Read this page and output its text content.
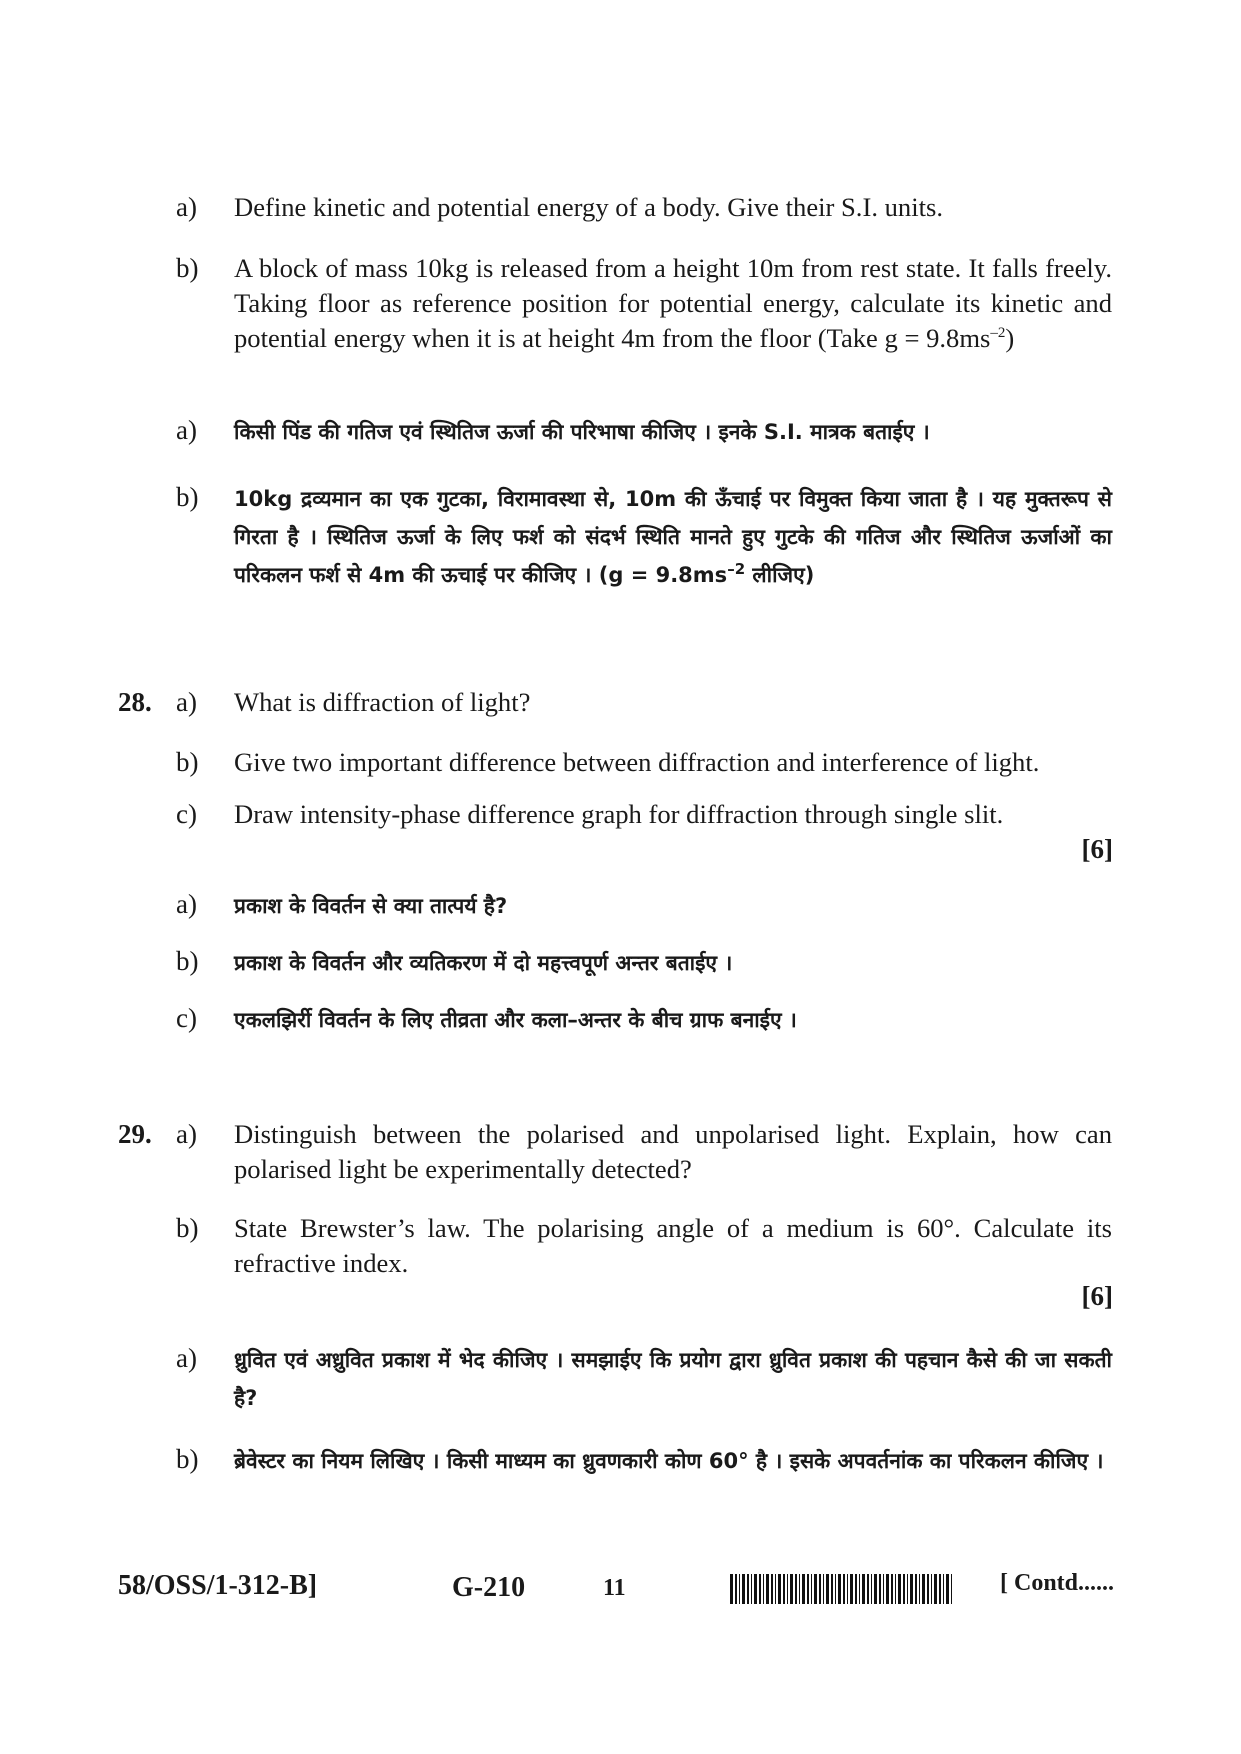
a)	Define kinetic and potential energy of a body. Give their S.I. units.
b) A block of mass 10kg is released from a height 10m from rest state. It falls freely. Taking floor as reference position for potential energy, calculate its kinetic and potential energy when it is at height 4m from the floor (Take $g = 9.8ms^{-2}$)
a)	किसी पिंड की गतिज एवं स्थितिज ऊर्जा की परिभाषा कीजिए । इनके S.I. मात्रक बताईए ।
b)	10kg द्रव्यमान का एक गुटका, विरामावस्था से, 10m की ऊँचाई पर विमुक्त किया जाता है । यह मुक्तरूप से गिरता है । स्थितिज ऊर्जा के लिए फर्श को संदर्भ स्थिति मानते हुए गुटके की गतिज और स्थितिज ऊर्जाओं का परिकलन फर्श से 4m की ऊचाई पर कीजिए । ($g = 9.8ms^{-2}$ लीजिए)
28. a)	What is diffraction of light?
b) Give two important difference between diffraction and interference of light.
c)	Draw intensity-phase difference graph for diffraction through single slit.
[6]
a)	प्रकाश के विवर्तन से क्या तात्पर्य है?
b)	प्रकाश के विवर्तन और व्यतिकरण में दो महत्त्वपूर्ण अन्तर बताईए ।
c)	एकलझिर्री विवर्तन के लिए तीव्रता और कला–अन्तर के बीच ग्राफ बनाईए ।
29. a)	Distinguish between the polarised and unpolarised light. Explain, how can polarised light be experimentally detected?
b) State Brewster’s law. The polarising angle of a medium is 60°. Calculate its refractive index.
[6]
a)	ध्रुवित एवं अध्रुवित प्रकाश में भेद कीजिए । समझाईए कि प्रयोग द्वारा ध्रुवित प्रकाश की पहचान कैसे की जा सकती है?
b)	ब्रेवेस्टर का नियम लिखिए । किसी माध्यम का ध्रुवणकारी कोण 60° है । इसके अपवर्तनांक का परिकलन कीजिए ।
58/OSS/1-312-B]	G-210	11	[ Contd......
